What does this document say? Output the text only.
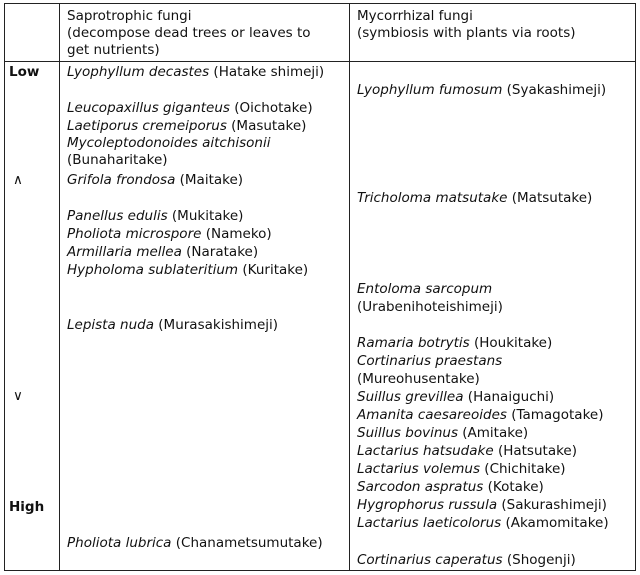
Saprotrophic fungi
(decompose dead trees or leaves to
get nutrients)
Mycorrhizal fungi
(symbiosis with plants via roots)
Low
∧
∨
High
Lyophyllum decastes (Hatake shimeji)
Leucopaxillus giganteus (Oichotake)
Laetiporus cremeiporus (Masutake)
Mycoleptodonoides aitchisonii
(Bunaharitake)
Grifola frondosa (Maitake)
Panellus edulis (Mukitake)
Pholiota microspore (Nameko)
Armillaria mellea (Naratake)
Hypholoma sublateritium (Kuritake)
Lepista nuda (Murasakishimeji)
Pholiota lubrica (Chanametsumutake)
Lyophyllum fumosum (Syakashimeji)
Tricholoma matsutake (Matsutake)
Entoloma sarcopum
(Urabenihoteishimeji)
Ramaria botrytis (Houkitake)
Cortinarius praestans
(Mureohusentake)
Suillus grevillea (Hanaiguchi)
Amanita caesareoides (Tamagotake)
Suillus bovinus (Amitake)
Lactarius hatsudake (Hatsutake)
Lactarius volemus (Chichitake)
Sarcodon aspratus (Kotake)
Hygrophorus russula (Sakurashimeji)
Lactarius laeticolorus (Akamomitake)
Cortinarius caperatus (Shogenji)
